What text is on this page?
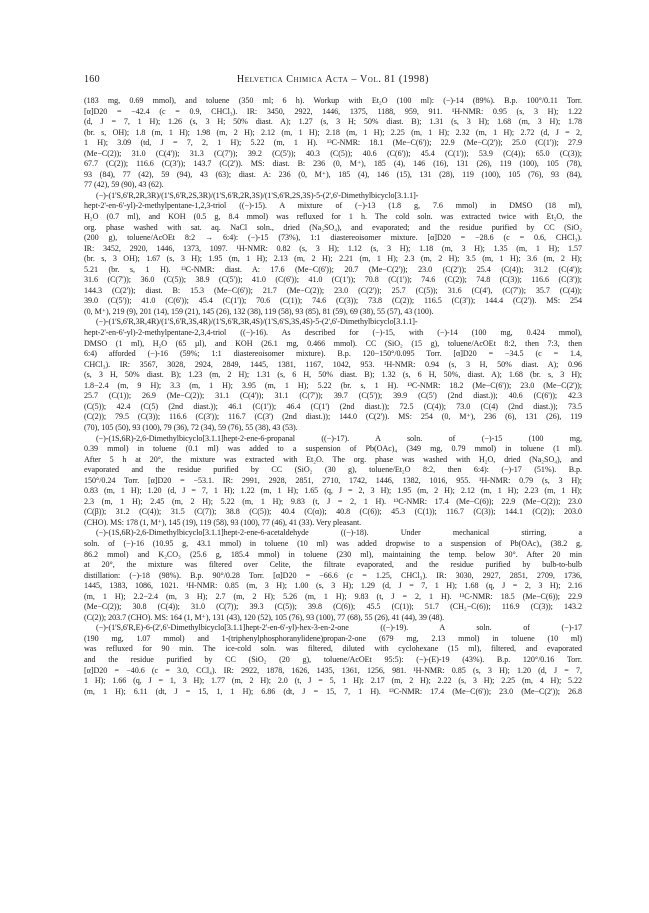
160	Helvetica Chimica Acta – Vol. 81 (1998)
(183 mg, 0.69 mmol), and toluene (350 ml; 6 h). Workup with Et₂O (100 ml): (−)-14 (89%). B.p. 100°/0.11 Torr.
[α]D20 = −42.4 (c = 0.9, CHCl₃). IR: 3450, 2922, 1446, 1375, 1188, 959, 911. ¹H-NMR: 0.95 (s, 3 H); 1.22
(d, J = 7, 1 H); 1.26 (s, 3 H; 50% diast. A); 1.27 (s, 3 H; 50% diast. B); 1.31 (s, 3 H); 1.68 (m, 3 H); 1.78
(br. s, OH); 1.8 (m, 1 H); 1.98 (m, 2 H); 2.12 (m, 1 H); 2.18 (m, 1 H); 2.25 (m, 1 H); 2.32 (m, 1 H); 2.72 (d, J = 2,
1 H); 3.09 (td, J = 7, 2, 1 H); 5.22 (m, 1 H). ¹³C-NMR: 18.1 (Me−C(6')); 22.9 (Me−C(2')); 25.0 (C(1')); 27.9
(Me−C(2)); 31.0 (C(4')); 31.3 (C(7')); 39.2 (C(5')); 40.3 (C(5)); 40.6 (C(6')); 45.4 (C(1')); 53.9 (C(4)); 65.0 (C(3));
67.7 (C(2)); 116.6 (C(3')); 143.7 (C(2')). MS: diast. B: 236 (0, M⁺), 185 (4), 146 (16), 131 (26), 119 (100), 105 (78),
93 (84), 77 (42), 59 (94), 43 (63); diast. A: 236 (0, M⁺), 185 (4), 146 (15), 131 (28), 119 (100), 105 (76), 93 (84),
77 (42), 59 (90), 43 (62).
(−)-(1'S,6'R,2R,3R)/(1'S,6'R,2S,3R)/(1'S,6'R,2R,3S)/(1'S,6'R,2S,3S)-5-(2',6'-Dimethylbicyclo[3.1.1]-
hept-2'-en-6'-yl)-2-methylpentane-1,2,3-triol ((−)-15). A mixture of (−)-13 (1.8 g, 7.6 mmol) in DMSO (18 ml),
H₂O (0.7 ml), and KOH (0.5 g, 8.4 mmol) was refluxed for 1 h. The cold soln. was extracted twice with Et₂O, the
org. phase washed with sat. aq. NaCl soln., dried (Na₂SO₄), and evaporated; and the residue purified by CC (SiO₂
(200 g), toluene/AcOEt 8:2 → 6:4): (−)-15 (73%), 1:1 diastereoisomer mixture. [α]D20 = −28.6 (c = 0.6, CHCl₃).
IR: 3452, 2920, 1446, 1373, 1097. ¹H-NMR: 0.82 (s, 3 H); 1.12 (s, 3 H); 1.18 (m, 3 H); 1.35 (m, 1 H); 1.57
(br. s, 3 OH); 1.67 (s, 3 H); 1.95 (m, 1 H); 2.13 (m, 2 H); 2.21 (m, 1 H); 2.3 (m, 2 H); 3.5 (m, 1 H); 3.6 (m, 2 H);
5.21 (br. s, 1 H). ¹³C-NMR: diast. A: 17.6 (Me−C(6')); 20.7 (Me−C(2')); 23.0 (C(2')); 25.4 (C(4)); 31.2 (C(4'));
31.6 (C(7')); 36.0 (C(5)); 38.9 (C(5')); 41.0 (C(6')); 41.0 (C(1')); 70.8 (C(1')); 74.6 (C(2)); 74.8 (C(3)); 116.6 (C(3'));
144.3 (C(2')); diast. B: 15.3 (Me−C(6')); 21.7 (Me−C(2)); 23.0 (C(2')); 25.7 (C(5)); 31.6 (C(4'), (C(7')); 35.7 (C(4));
39.0 (C(5')); 41.0 (C(6')); 45.4 (C(1')); 70.6 (C(1)); 74.6 (C(3)); 73.8 (C(2)); 116.5 (C(3')); 144.4 (C(2')). MS: 254
(0, M⁺), 219 (9), 201 (14), 159 (21), 145 (26), 132 (38), 119 (58), 93 (85), 81 (59), 69 (38), 55 (57), 43 (100).
(−)-(1'S,6'R,3R,4R)/(1'S,6'R,3S,4R)/(1'S,6'R,3R,4S)/(1'S,6'S,3S,4S)-5-(2',6'-Dimethylbicyclo[3.1.1]-
hept-2'-en-6'-yl)-2-methylpentane-2,3,4-triol ((−)-16). As described for (−)-15, with (−)-14 (100 mg, 0.424 mmol),
DMSO (1 ml), H₂O (65 µl), and KOH (26.1 mg, 0.466 mmol). CC (SiO₂ (15 g), toluene/AcOEt 8:2, then 7:3, then
6:4) afforded (−)-16 (59%; 1:1 diastereoisomer mixture). B.p. 120−150°/0.095 Torr. [α]D20 = −34.5 (c = 1.4,
CHCl₃). IR: 3567, 3028, 2924, 2849, 1445, 1381, 1167, 1042, 953. ¹H-NMR: 0.94 (s, 3 H, 50% diast. A); 0.96
(s, 3 H, 50% diast. B); 1.23 (m, 2 H); 1.31 (s, 6 H, 50% diast. B); 1.32 (s, 6 H, 50%, diast. A); 1.68 (br. s, 3 H);
1.8−2.4 (m, 9 H); 3.3 (m, 1 H); 3.95 (m, 1 H); 5.22 (br. s, 1 H). ¹³C-NMR: 18.2 (Me−C(6')); 23.0 (Me−C(2'));
25.7 (C(1)); 26.9 (Me−C(2)); 31.1 (C(4')); 31.1 (C(7')); 39.7 (C(5')); 39.9 (C(5') (2nd diast.)); 40.6 (C(6')); 42.3
(C(5)); 42.4 (C(5) (2nd diast.)); 46.1 (C(1')); 46.4 (C(1') (2nd diast.)); 72.5 (C(4)); 73.0 (C(4) (2nd diast.)); 73.5
(C(2)); 79.5 (C(3)); 116.6 (C(3')); 116.7 (C(3') (2nd diast.)); 144.0 (C(2')). MS: 254 (0, M⁺), 236 (6), 131 (26), 119
(70), 105 (50), 93 (100), 79 (36), 72 (34), 59 (76), 55 (38), 43 (53).
(−)-(1S,6R)-2,6-Dimethylbicyclo[3.1.1]hept-2-ene-6-propanal ((−)-17). A soln. of (−)-15 (100 mg,
0.39 mmol) in toluene (0.1 ml) was added to a suspension of Pb(OAc)₄ (349 mg, 0.79 mmol) in toluene (1 ml).
After 5 h at 20°, the mixture was extracted with Et₂O. The org. phase was washed with H₂O, dried (Na₂SO₄), and
evaporated and the residue purified by CC (SiO₂ (30 g), toluene/Et₂O 8:2, then 6:4): (−)-17 (51%). B.p.
150°/0.24 Torr. [α]D20 = −53.1. IR: 2991, 2928, 2851, 2710, 1742, 1446, 1382, 1016, 955. ¹H-NMR: 0.79 (s, 3 H);
0.83 (m, 1 H); 1.20 (d, J = 7, 1 H); 1.22 (m, 1 H); 1.65 (q, J = 2, 3 H); 1.95 (m, 2 H); 2.12 (m, 1 H); 2.23 (m, 1 H);
2.3 (m, 1 H); 2.45 (m, 2 H); 5.22 (m, 1 H); 9.83 (t, J = 2, 1 H). ¹³C-NMR: 17.4 (Me−C(6)); 22.9 (Me−C(2)); 23.0
(C(β)); 31.2 (C(4)); 31.5 (C(7)); 38.8 (C(5)); 40.4 (C(α)); 40.8 (C(6)); 45.3 (C(1)); 116.7 (C(3)); 144.1 (C(2)); 203.0
(CHO). MS: 178 (1, M⁺), 145 (19), 119 (58), 93 (100), 77 (46), 41 (33). Very pleasant.
(−)-(1S,6R)-2,6-Dimethylbicyclo[3.1.1]hept-2-ene-6-acetaldehyde ((−)-18). Under mechanical stirring, a
soln. of (−)-16 (10.95 g, 43.1 mmol) in toluene (10 ml) was added dropwise to a suspension of Pb(OAc)₄ (38.2 g,
86.2 mmol) and K₂CO₃ (25.6 g, 185.4 mmol) in toluene (230 ml), maintaining the temp. below 30°. After 20 min
at 20°, the mixture was filtered over Celite, the filtrate evaporated, and the residue purified by bulb-to-bulb
distillation: (−)-18 (98%). B.p. 90°/0.28 Torr. [α]D20 = −66.6 (c = 1.25, CHCl₃). IR: 3030, 2927, 2851, 2709, 1736,
1445, 1383, 1086, 1021. ¹H-NMR: 0.85 (m, 3 H); 1.00 (s, 3 H); 1.29 (d, J = 7, 1 H); 1.68 (q, J = 2, 3 H); 2.16
(m, 1 H); 2.2−2.4 (m, 3 H); 2.7 (m, 2 H); 5.26 (m, 1 H); 9.83 (t, J = 2, 1 H). ¹³C-NMR: 18.5 (Me−C(6)); 22.9
(Me−C(2)); 30.8 (C(4)); 31.0 (C(7)); 39.3 (C(5)); 39.8 (C(6)); 45.5 (C(1)); 51.7 (CH₂−C(6)); 116.9 (C(3)); 143.2
(C(2)); 203.7 (CHO). MS: 164 (1, M⁺), 131 (43), 120 (52), 105 (76), 93 (100), 77 (68), 55 (26), 41 (44), 39 (48).
(−)-(1'S,6'R,E)-6-(2',6'-Dimethylbicyclo[3.1.1]hept-2'-en-6'-yl)-hex-3-en-2-one ((−)-19). A soln. of (−)-17
(190 mg, 1.07 mmol) and 1-(triphenylphosphoranylidene)propan-2-one (679 mg, 2.13 mmol) in toluene (10 ml)
was refluxed for 90 min. The ice-cold soln. was filtered, diluted with cyclohexane (15 ml), filtered, and evaporated
and the residue purified by CC (SiO₂ (20 g), toluene/AcOEt 95:5): (−)-(E)-19 (43%). B.p. 120°/0.16 Torr.
[α]D20 = −40.6 (c = 3.0, CCl₄). IR: 2922, 1878, 1626, 1435, 1361, 1256, 981. ¹H-NMR: 0.85 (s, 3 H); 1.20 (d, J = 7,
1 H); 1.66 (q, J = 1, 3 H); 1.77 (m, 2 H); 2.0 (t, J = 5, 1 H); 2.17 (m, 2 H); 2.22 (s, 3 H); 2.25 (m, 4 H); 5.22
(m, 1 H); 6.11 (dt, J = 15, 1, 1 H); 6.86 (dt, J = 15, 7, 1 H). ¹³C-NMR: 17.4 (Me−C(6')); 23.0 (Me−C(2')); 26.8
